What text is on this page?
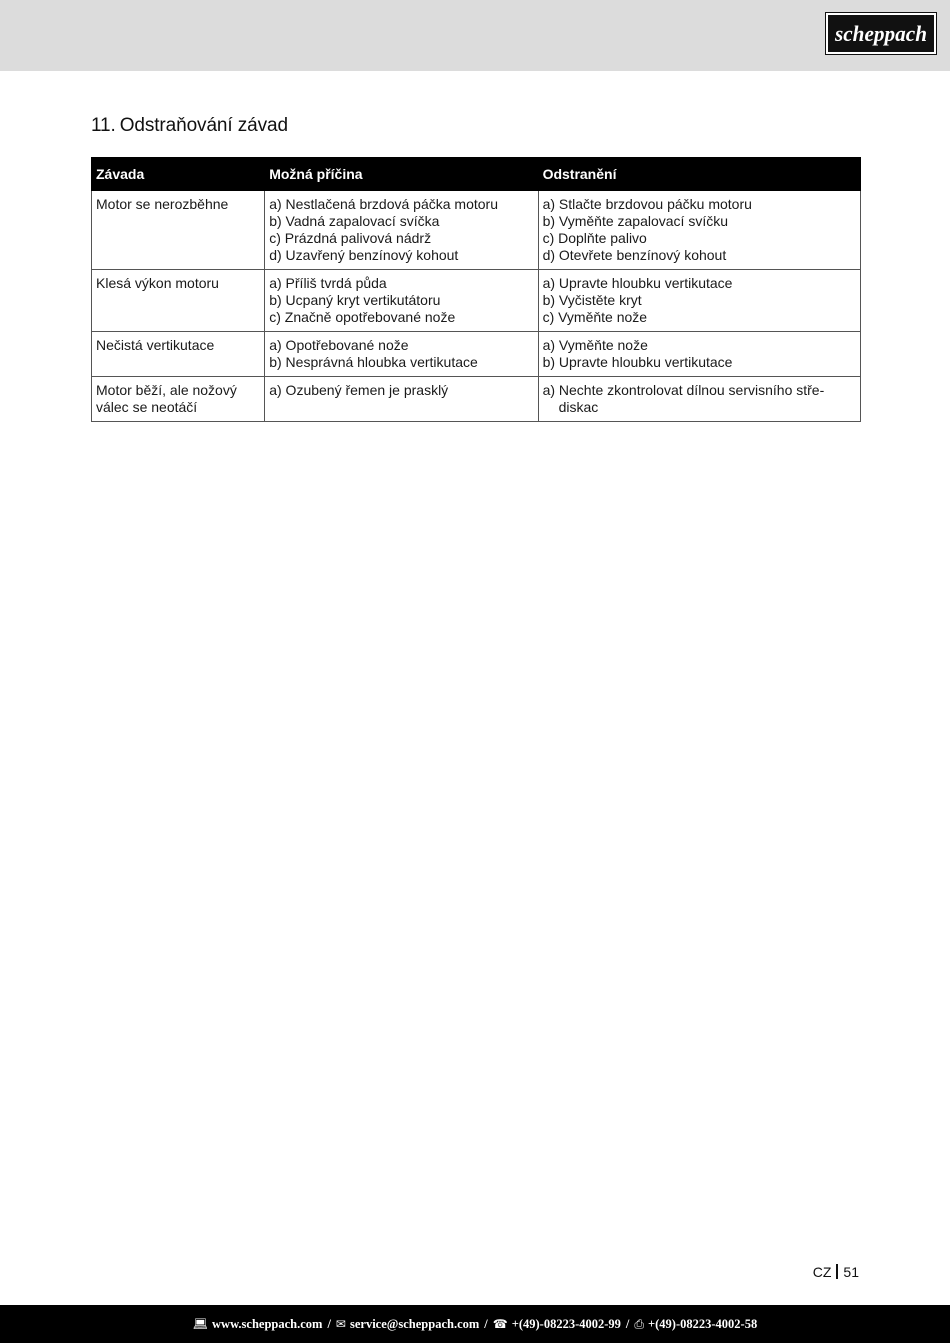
scheppach
11. Odstraňování závad
Závada	Možná příčina	Odstranění

Motor se nerozběhne	a) Nestlačená brzdová páčka motoru
b) Vadná zapalovací svíčka
c) Prázdná palivová nádrž
d) Uzavřený benzínový kohout	a) Stlačte brzdovou páčku motoru
b) Vyměňte zapalovací svíčku
c) Doplňte palivo
d) Otevřete benzínový kohout

Klesá výkon motoru	a) Příliš tvrdá půda
b) Ucpaný kryt vertikutátoru
c) Značně opotřebované nože	a) Upravte hloubku vertikutace
b) Vyčistěte kryt
c) Vyměňte nože

Nečistá vertikutace	a) Opotřebované nože
b) Nesprávná hloubka vertikutace	a) Vyměňte nože
b) Upravte hloubku vertikutace

Motor běží, ale nožový
válec se neotáčí	a) Ozubený řemen je prasklý	a) Nechte zkontrolovat dílnou servisního stře-diskac
CZ 51
💻︎ www.scheppach.com / ✉︎ service@scheppach.com / ☎︎ +(49)-08223-4002-99 / ⎙︎ +(49)-08223-4002-58
